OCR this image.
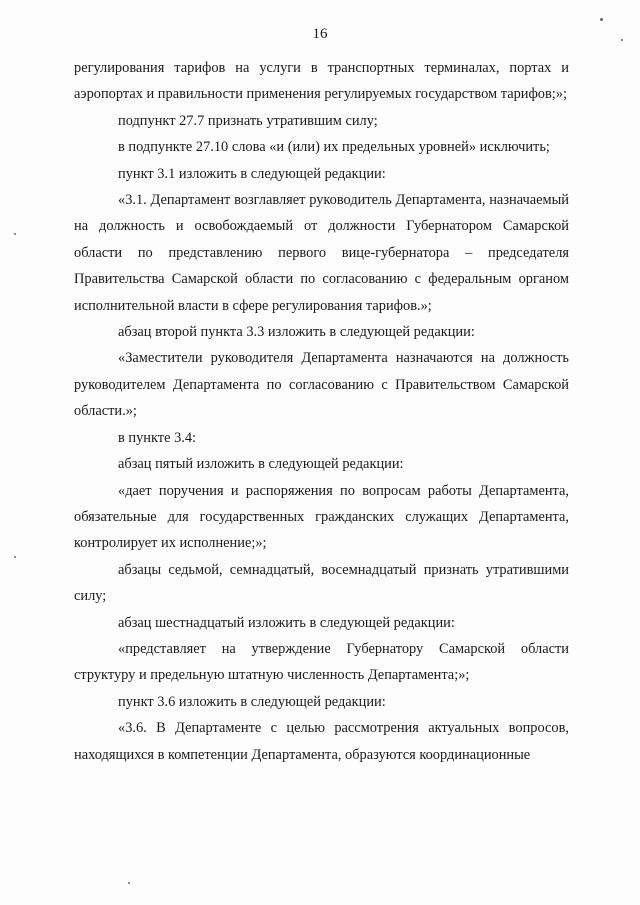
16

регулирования тарифов на услуги в транспортных терминалах, портах и аэропортах и правильности применения регулируемых государством тарифов;»;

подпункт 27.7 признать утратившим силу;

в подпункте 27.10 слова «и (или) их предельных уровней» исключить;

пункт 3.1 изложить в следующей редакции:

«3.1. Департамент возглавляет руководитель Департамента, назначаемый на должность и освобождаемый от должности Губернатором Самарской области по представлению первого вице-губернатора – председателя Правительства Самарской области по согласованию с федеральным органом исполнительной власти в сфере регулирования тарифов.»;

абзац второй пункта 3.3 изложить в следующей редакции:

«Заместители руководителя Департамента назначаются на должность руководителем Департамента по согласованию с Правительством Самарской области.»;

в пункте 3.4:

абзац пятый изложить в следующей редакции:

«дает поручения и распоряжения по вопросам работы Департамента, обязательные для государственных гражданских служащих Департамента, контролирует их исполнение;»;

абзацы седьмой, семнадцатый, восемнадцатый признать утратившими силу;

абзац шестнадцатый изложить в следующей редакции:

«представляет на утверждение Губернатору Самарской области структуру и предельную штатную численность Департамента;»;

пункт 3.6 изложить в следующей редакции:

«3.6. В Департаменте с целью рассмотрения актуальных вопросов, находящихся в компетенции Департамента, образуются координационные
